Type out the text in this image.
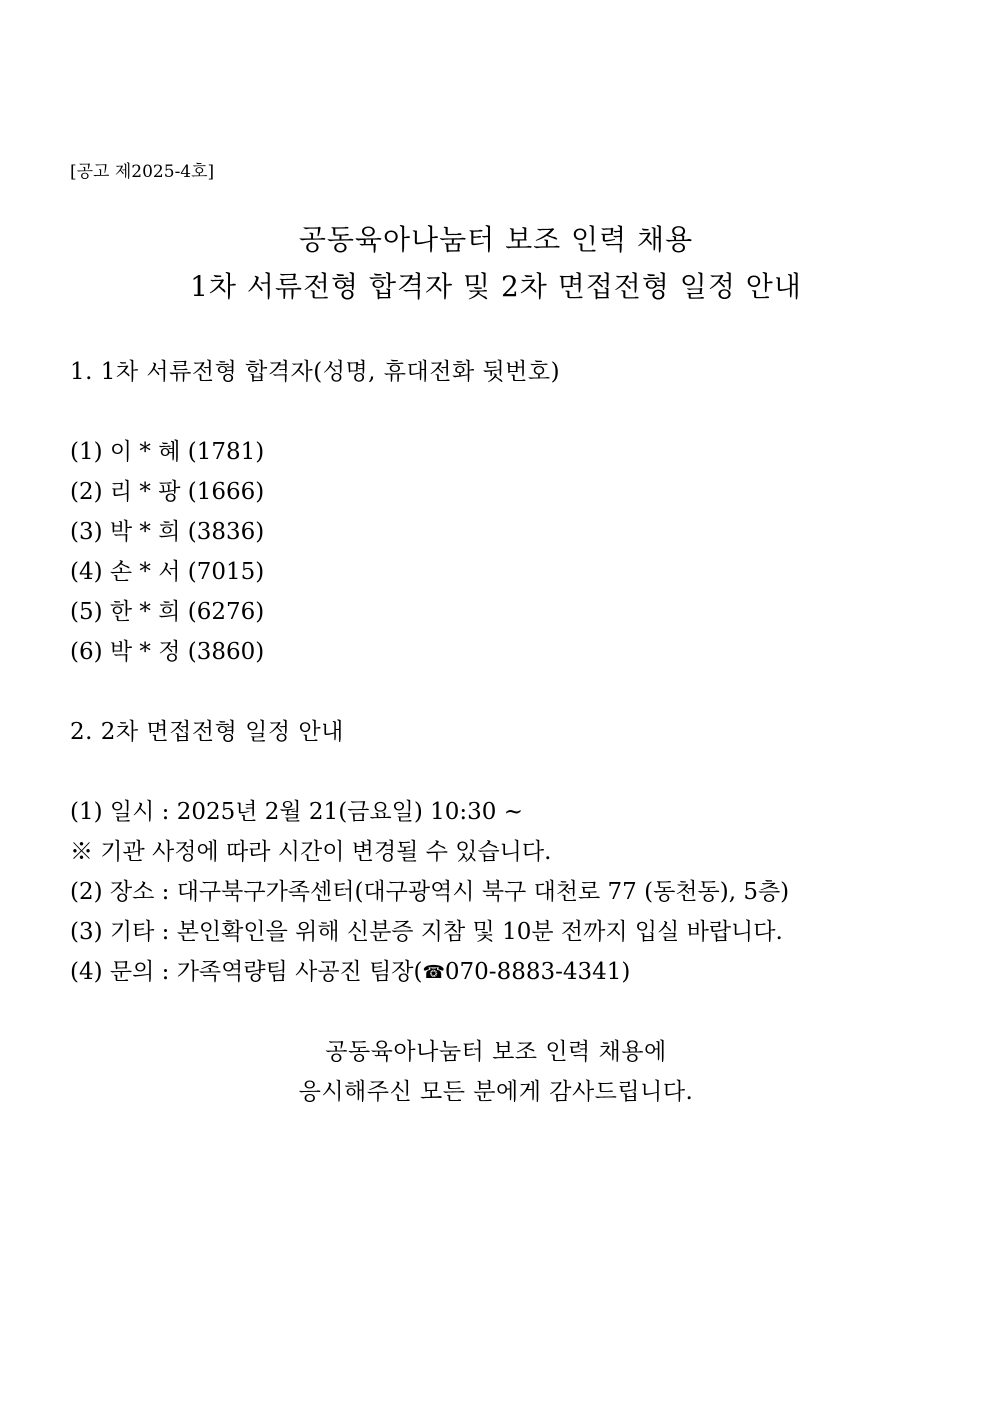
[공고 제2025-4호]
공동육아나눔터 보조 인력 채용
1차 서류전형 합격자 및 2차 면접전형 일정 안내
1. 1차 서류전형 합격자(성명, 휴대전화 뒷번호)
(1) 이 * 혜 (1781)
(2) 리 * 팡 (1666)
(3) 박 * 희 (3836)
(4) 손 * 서 (7015)
(5) 한 * 희 (6276)
(6) 박 * 정 (3860)
2. 2차 면접전형 일정 안내
(1) 일시 : 2025년 2월 21(금요일) 10:30 ~
※ 기관 사정에 따라 시간이 변경될 수 있습니다.
(2) 장소 : 대구북구가족센터(대구광역시 북구 대천로 77 (동천동), 5층)
(3) 기타 : 본인확인을 위해 신분증 지참 및 10분 전까지 입실 바랍니다.
(4) 문의 : 가족역량팀 사공진 팀장(☎070-8883-4341)
공동육아나눔터 보조 인력 채용에
응시해주신 모든 분에게 감사드립니다.
